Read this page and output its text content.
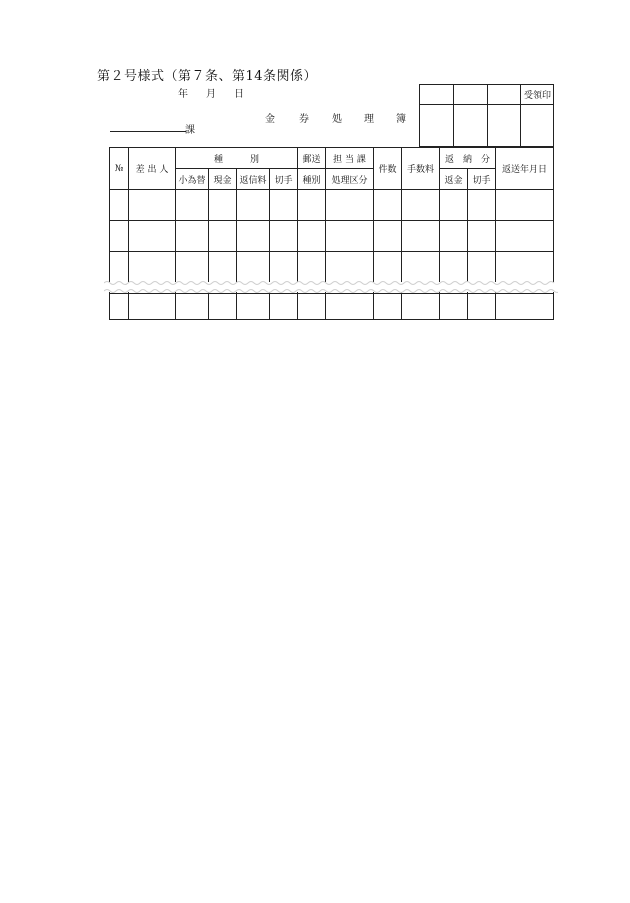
第２号様式（第７条、第14条関係）
年 月 日
金 券 処 理 簿
課
			受領印

№	差 出 人	種　　　別				郵送	担 当 課	件数	手数料	返　納　分		返送年月日
		小為替	現金	返信料	切手	種別	処理区分			返金	切手	
